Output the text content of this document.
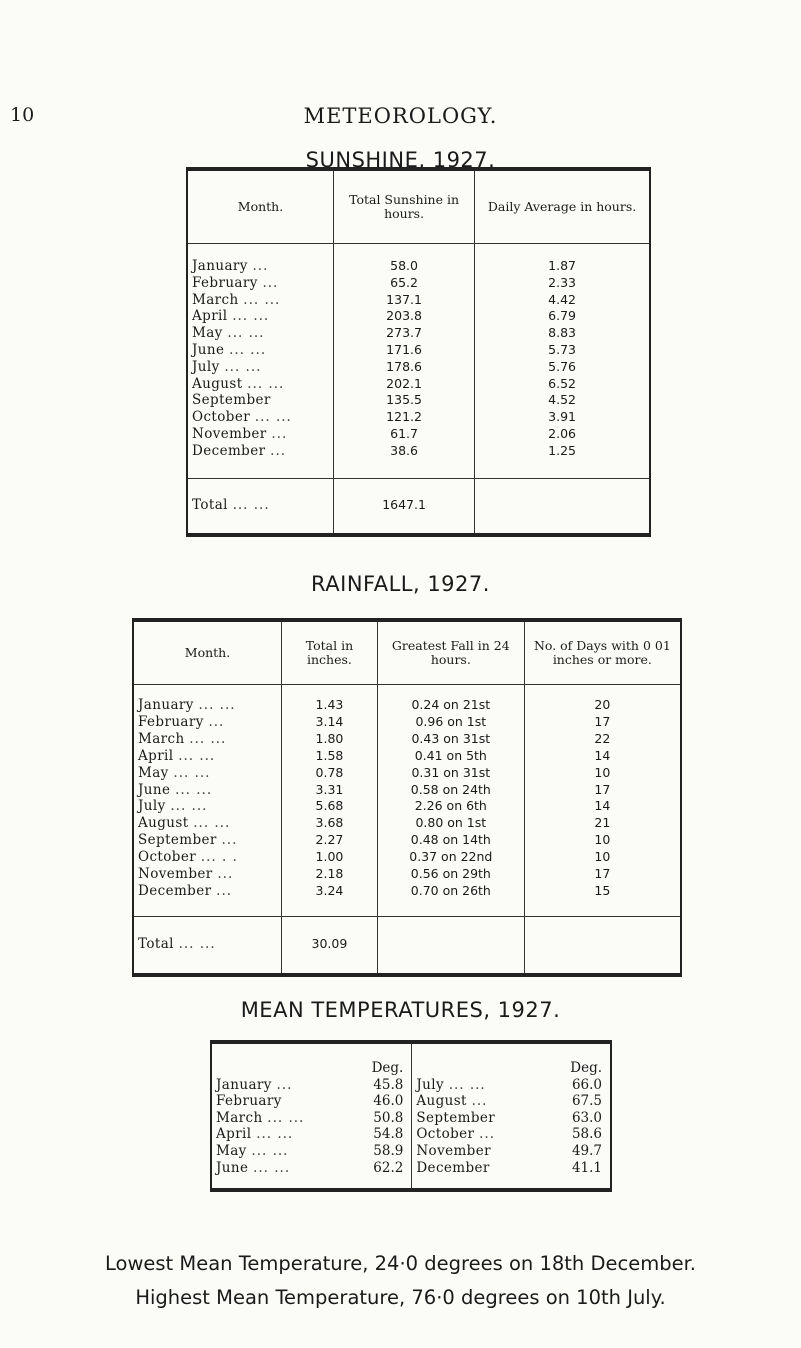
10	METEOROLOGY.
SUNSHINE, 1927.
Month.	Total Sunshine in hours.	Daily Average in hours.
January ...	58.0	1.87
February ...	65.2	2.33
March ... ...	137.1	4.42
April ... ...	203.8	6.79
May ... ...	273.7	8.83
June ... ...	171.6	5.73
July ... ...	178.6	5.76
August ... ...	202.1	6.52
September	135.5	4.52
October ... ...	121.2	3.91
November ...	61.7	2.06
December ...	38.6	1.25
Total ... ...	1647.1	
RAINFALL, 1927.
Month.	Total in inches.	Greatest Fall in 24 hours.	No. of Days with 0 01 inches or more.
January ... ...	1.43	0.24 on 21st	20
February ...	3.14	0.96 on 1st	17
March ... ...	1.80	0.43 on 31st	22
April ... ...	1.58	0.41 on 5th	14
May ... ...	0.78	0.31 on 31st	10
June ... ...	3.31	0.58 on 24th	17
July ... ...	5.68	2.26 on 6th	14
August ... ...	3.68	0.80 on 1st	21
September ...	2.27	0.48 on 14th	10
October ... . .	1.00	0.37 on 22nd	10
November ...	2.18	0.56 on 29th	17
December ...	3.24	0.70 on 26th	15
Total ... ...	30.09		
MEAN TEMPERATURES, 1927.
	Deg.		Deg.
January ...	45.8	July ... ...	66.0
February	46.0	August ...	67.5
March ... ...	50.8	September	63.0
April ... ...	54.8	October ...	58.6
May ... ...	58.9	November	49.7
June ... ...	62.2	December	41.1
Lowest Mean Temperature, 24·0 degrees on 18th December.
Highest Mean Temperature, 76·0 degrees on 10th July.
